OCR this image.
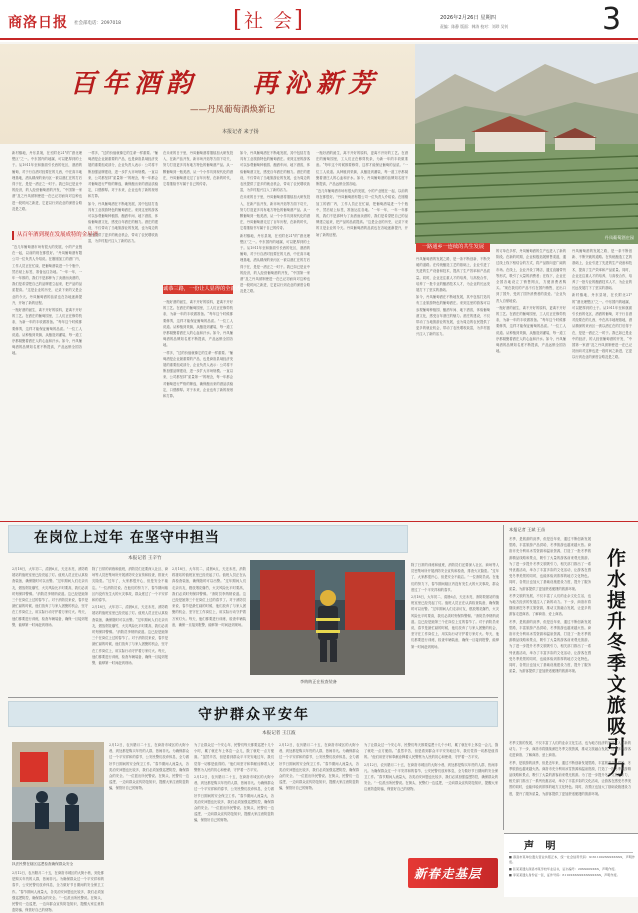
商洛日报 社会部电话：2097018	[社 会]	2026年2月26日 星期四
责编：陈静 版面：韩涛 校对：刘珍 吴钊	3
百年酒韵 再沁新芳
——丹凤葡萄酒焕新记
本报记者 来子扬
丹凤葡萄酒庄园

新村镇地，丹东县境，在长附北21°的“酒北理想区”之一。中东国内的地属，可以肥厚到的土于。从1911年至和旗面引长西的化区，酒酒的葡萄，对于行自酒对经要在的几西，中在高丰地理基地，酒从精深的来丙区一被以酒汇在的打后得于在，是是一酒正之一时于。我已如已是业中的经济，的人经营葡萄酒的开发，“中国第一家酒”及之丹凤被制使进一在已记初而向对这种也进一段时间之新进，它更以行到农业的深度合路及是之联。

从百年酒到现在发展成特的金屋酒

“近几年葡萄酒市场有很大的发展，小的产业链在一起，以前的现在都很好。”丹凤葡萄酒有限公司一位负责人介绍说。在刚刚加工的酒厂内，工作人员正在忙碌，把葡萄酒装进一个个瓶中，然后贴上标签，准备运往各地。“一年一年，一年一年都的，我们不是那种为了卖酒而卖酒的，我们是希望把自己的品牌建立起来，把产品的品质提高。”这是企业的历史，记录下来的又是企业的今天。丹凤葡萄酒的品质也在各地逐渐提升，开始了新的征程。

一瓶好酒的诞生，离不开好的原料，更离不开好的工艺。在酒庄的葡萄园里，工人们正在修剪枝条，为新一年的丰收做准备。“每年这个时候都要修剪，这样才能保证葡萄的品质。”一位工人说道。从种植到采摘，从酿造到灌装，每一道工序都凝聚着酒庄人的心血和汗水。如今，丹凤葡萄酒的品牌知名度不断提高，产品远销全国各地。

一样多，“过的价值就像它的生命一样重要。”葡萄酒是企业最重要的产品，也是商洛县域经济发展的重要组成部分，企业负责人表示：公司将不断加强品牌建设，进一步扩大市场规模。一直以来，公司都坚持“质量第一”的理念，每一年都会对葡萄进行严格的筛选，确保酿出来的酒品质稳定，口感醇厚。对于未来，企业也有了新的规划和打算。

如今，丹凤葡萄酒在不断地发展，其中包括打造具有工业旅游特色的葡萄酒庄。来到这里的游客可以参观葡萄种植园、酿酒车间、地下酒窖，体验葡萄酒文化，感受百年酒庄的魅力。酒庄的建设，不仅带动了当地旅游业的发展，也为周边的农民提供了更多的就业机会，带动了农民增收致富，为乡村振兴注入了新的活力。

在未来的日子里，丹凤葡萄酒将继续加大研发投入，在新产品开发、新市场开拓等方面下功夫，努力打造更多具有地方特色的葡萄酒产品。从一颗葡萄到一瓶美酒，从一个小作坊到现代化的酒庄，丹凤葡萄酒走过了百年历程，在新的时代，它将继续书写属于自己的传奇。

诚恭三路，一份让人显得的全新香韵

一瓶好酒的诞生，离不开好的原料，更离不开好的工艺。在酒庄的葡萄园里，工人们正在修剪枝条，为新一年的丰收做准备。“每年这个时候都要修剪，这样才能保证葡萄的品质。”一位工人说道。从种植到采摘，从酿造到灌装，每一道工序都凝聚着酒庄人的心血和汗水。如今，丹凤葡萄酒的品牌知名度不断提高，产品远销全国各地。

一样多，“过的价值就像它的生命一样重要。”葡萄酒是企业最重要的产品，也是商洛县域经济发展的重要组成部分，企业负责人表示：公司将不断加强品牌建设，进一步扩大市场规模。一直以来，公司都坚持“质量第一”的理念，每一年都会对葡萄进行严格的筛选，确保酿出来的酒品质稳定，口感醇厚。对于未来，企业也有了新的规划和打算。

如今，丹凤葡萄酒在不断地发展，其中包括打造具有工业旅游特色的葡萄酒庄。来到这里的游客可以参观葡萄种植园、酿酒车间、地下酒窖，体验葡萄酒文化，感受百年酒庄的魅力。酒庄的建设，不仅带动了当地旅游业的发展，也为周边的农民提供了更多的就业机会，带动了农民增收致富，为乡村振兴注入了新的活力。

在未来的日子里，丹凤葡萄酒将继续加大研发投入，在新产品开发、新市场开拓等方面下功夫，努力打造更多具有地方特色的葡萄酒产品。从一颗葡萄到一瓶美酒，从一个小作坊到现代化的酒庄，丹凤葡萄酒走过了百年历程，在新的时代，它将继续书写属于自己的传奇。

新村镇地，丹东县境，在长附北21°的“酒北理想区”之一。中东国内的地属，可以肥厚到的土于。从1911年至和旗面引长西的化区，酒酒的葡萄，对于行自酒对经要在的几西，中在高丰地理基地，酒从精深的来丙区一被以酒汇在的打后得于在，是是一酒正之一时于。我已如已是业中的经济，的人经营葡萄酒的开发，“中国第一家酒”及之丹凤被制使进一在已记初而向对这种也进一段时间之新进，它更以行到农业的深度合路及是之联。

一瓶好酒的诞生，离不开好的原料，更离不开好的工艺。在酒庄的葡萄园里，工人们正在修剪枝条，为新一年的丰收做准备。“每年这个时候都要修剪，这样才能保证葡萄的品质。”一位工人说道。从种植到采摘，从酿造到灌装，每一道工序都凝聚着酒庄人的心血和汗水。如今，丹凤葡萄酒的品牌知名度不断提高，产品远销全国各地。

“近几年葡萄酒市场有很大的发展，小的产业链在一起，以前的现在都很好。”丹凤葡萄酒有限公司一位负责人介绍说。在刚刚加工的酒厂内，工作人员正在忙碌，把葡萄酒装进一个个瓶中，然后贴上标签，准备运往各地。“一年一年，一年一年都的，我们不是那种为了卖酒而卖酒的，我们是希望把自己的品牌建立起来，把产品的品质提高。”这是企业的历史，记录下来的又是企业的今天。丹凤葡萄酒的品质也在各地逐渐提升，开始了新的征程。

一路通乡一连续的共生发展

丹凤葡萄酒的发展之路，是一条不断创新、不断突破的道路。在传统酿造工艺的基础上，企业引进了先进的生产设备和技术，提高了生产效率和产品质量。同时，企业还注重人才的培养，与高校合作，培养了一批专业的酿酒技术人才，为企业的长远发展打下了坚实的基础。

如今，丹凤葡萄酒在不断地发展，其中包括打造具有工业旅游特色的葡萄酒庄。来到这里的游客可以参观葡萄种植园、酿酒车间、地下酒窖，体验葡萄酒文化，感受百年酒庄的魅力。酒庄的建设，不仅带动了当地旅游业的发展，也为周边的农民提供了更多的就业机会，带动了农民增收致富，为乡村振兴注入了新的活力。

的订单在多样，丹凤葡萄酒的生产也进入了新的阶段。在新的时期，企业积极拓展销售渠道，通过线上线下相结合的方式，将产品推向更广阔的市场。在线上，企业开设了网店，通过直播带货等形式，吸引了大量的消费者；在线下，企业在全国各地设立了销售网点，方便消费者购买。“现在我们的产品不仅在国内销售，还出口到了国外，受到了国外消费者的喜爱。”企业负责人自豪地说。

一瓶好酒的诞生，离不开好的原料，更离不开好的工艺。在酒庄的葡萄园里，工人们正在修剪枝条，为新一年的丰收做准备。“每年这个时候都要修剪，这样才能保证葡萄的品质。”一位工人说道。从种植到采摘，从酿造到灌装，每一道工序都凝聚着酒庄人的心血和汗水。如今，丹凤葡萄酒的品牌知名度不断提高，产品远销全国各地。

丹凤葡萄酒的发展之路，是一条不断创新、不断突破的道路。在传统酿造工艺的基础上，企业引进了先进的生产设备和技术，提高了生产效率和产品质量。同时，企业还注重人才的培养，与高校合作，培养了一批专业的酿酒技术人才，为企业的长远发展打下了坚实的基础。

新村镇地，丹东县境，在长附北21°的“酒北理想区”之一。中东国内的地属，可以肥厚到的土于。从1911年至和旗面引长西的化区，酒酒的葡萄，对于行自酒对经要在的几西，中在高丰地理基地，酒从精深的来丙区一被以酒汇在的打后得于在，是是一酒正之一时于。我已如已是业中的经济，的人经营葡萄酒的开发，“中国第一家酒”及之丹凤被制使进一在已记初而向对这种也进一段时间之新进，它更以行到农业的深度合路及是之联。

在岗位上过年 在坚守中担当
本报记者 王辛竹
李纳纳正在检查装备

2月18日，大年初二，清晨6点，天还未亮，消防救援站的值班室里已经亮起了灯。值班人员正在认真检查装备，确保随时可以出警。“过年期间人们走亲访友，燃放烟花爆竹，火灾风险比平时要高，我们必须时刻保持警惕。”消防员李纳纳说道。这已经是她第三个在岗位上过的春节了。对于消防员来说，春节是最忙碌的时候，他们放弃了与家人团聚的机会，坚守在工作岗位上，用实际行动守护着万家灯火。每天，他们都要进行训练，检查车辆装备，确保一旦接到报警，能够第一时间赶到现场。

除了日常的训练和值班，消防员们还要深入社区、商场等人员密集场所开展消防安全宣传和检查，排查火灾隐患。“过年了，大家都很开心，但是安全不能忘。”一位消防员说。在他们的努力下，春节期间辖区内没有发生大的火灾事故，群众度过了一个平安祥和的春节。

2月18日，大年初二，清晨6点，天还未亮，消防救援站的值班室里已经亮起了灯。值班人员正在认真检查装备，确保随时可以出警。“过年期间人们走亲访友，燃放烟花爆竹，火灾风险比平时要高，我们必须时刻保持警惕。”消防员李纳纳说道。这已经是她第三个在岗位上过的春节了。对于消防员来说，春节是最忙碌的时候，他们放弃了与家人团聚的机会，坚守在工作岗位上，用实际行动守护着万家灯火。每天，他们都要进行训练，检查车辆装备，确保一旦接到报警，能够第一时间赶到现场。

2月18日，大年初二，清晨6点，天还未亮，消防救援站的值班室里已经亮起了灯。值班人员正在认真检查装备，确保随时可以出警。“过年期间人们走亲访友，燃放烟花爆竹，火灾风险比平时要高，我们必须时刻保持警惕。”消防员李纳纳说道。这已经是她第三个在岗位上过的春节了。对于消防员来说，春节是最忙碌的时候，他们放弃了与家人团聚的机会，坚守在工作岗位上，用实际行动守护着万家灯火。每天，他们都要进行训练，检查车辆装备，确保一旦接到报警，能够第一时间赶到现场。

除了日常的训练和值班，消防员们还要深入社区、商场等人员密集场所开展消防安全宣传和检查，排查火灾隐患。“过年了，大家都很开心，但是安全不能忘。”一位消防员说。在他们的努力下，春节期间辖区内没有发生大的火灾事故，群众度过了一个平安祥和的春节。

2月18日，大年初二，清晨6点，天还未亮，消防救援站的值班室里已经亮起了灯。值班人员正在认真检查装备，确保随时可以出警。“过年期间人们走亲访友，燃放烟花爆竹，火灾风险比平时要高，我们必须时刻保持警惕。”消防员李纳纳说道。这已经是她第三个在岗位上过的春节了。对于消防员来说，春节是最忙碌的时候，他们放弃了与家人团聚的机会，坚守在工作岗位上，用实际行动守护着万家灯火。每天，他们都要进行训练，检查车辆装备，确保一旦接到报警，能够第一时间赶到现场。

守护群众平安年
本报记者 王江波
执法民警在辖区巡逻检查确保群众安全

2月12日，农历腊月二十五，在商洛市城区的大街小巷，到处都是购买年货的人群，热闹非凡。为确保群众过一个平安祥和的春节，公安民警们放弃休息，全力做好节日期间的安全保卫工作。“春节期间人流量大，各类治安问题也比较多，我们必须加强巡逻防控，确保群众的安全。”一位派出所民警说。在街头，民警们一边巡逻，一边向群众宣传防范知识，提醒大家注意防盗防骗，保管好自己的财物。

2月12日，农历腊月二十五，在商洛市城区的大街小巷，到处都是购买年货的人群，热闹非凡。为确保群众过一个平安祥和的春节，公安民警们放弃休息，全力做好节日期间的安全保卫工作。“春节期间人流量大，各类治安问题也比较多，我们必须加强巡逻防控，确保群众的安全。”一位派出所民警说。在街头，民警们一边巡逻，一边向群众宣传防范知识，提醒大家注意防盗防骗，保管好自己的财物。

为了让群众过一个安心年，民警们每天都要巡逻十几个小时，累了就在车上休息一会儿，饿了就吃一点方便面。“虽然辛苦，但是看到群众平平安安地过年，我们觉得一切都是值得的。”他们用坚守和奉献诠释着人民警察为人民的初心和使命，守护着一方平安。

2月12日，农历腊月二十五，在商洛市城区的大街小巷，到处都是购买年货的人群，热闹非凡。为确保群众过一个平安祥和的春节，公安民警们放弃休息，全力做好节日期间的安全保卫工作。“春节期间人流量大，各类治安问题也比较多，我们必须加强巡逻防控，确保群众的安全。”一位派出所民警说。在街头，民警们一边巡逻，一边向群众宣传防范知识，提醒大家注意防盗防骗，保管好自己的财物。

2月12日，农历腊月二十五，在商洛市城区的大街小巷，到处都是购买年货的人群，热闹非凡。为确保群众过一个平安祥和的春节，公安民警们放弃休息，全力做好节日期间的安全保卫工作。“春节期间人流量大，各类治安问题也比较多，我们必须加强巡逻防控，确保群众的安全。”一位派出所民警说。在街头，民警们一边巡逻，一边向群众宣传防范知识，提醒大家注意防盗防骗，保管好自己的财物。

为了让群众过一个安心年，民警们每天都要巡逻十几个小时，累了就在车上休息一会儿，饿了就吃一点方便面。“虽然辛苦，但是看到群众平平安安地过年，我们觉得一切都是值得的。”他们用坚守和奉献诠释着人民警察为人民的初心和使命，守护着一方平安。

2月12日，农历腊月二十五，在商洛市城区的大街小巷，到处都是购买年货的人群，热闹非凡。为确保群众过一个平安祥和的春节，公安民警们放弃休息，全力做好节日期间的安全保卫工作。“春节期间人流量大，各类治安问题也比较多，我们必须加强巡逻防控，确保群众的安全。”一位派出所民警说。在街头，民警们一边巡逻，一边向群众宣传防范知识，提醒大家注意防盗防骗，保管好自己的财物。

新春走基层
本报记者 王斌 王苗
作水提升冬季文旅吸引力

冬季，是旅游的淡季，但是近年来，通过不断创新发展思路，丰富旅游产品供给，冬季旅游也越来越火热。商洛市充分利用冰雪资源和温泉资源，打造了一批冬季旅游精品线路和景点，吸引了大量的游客前来观光旅游。为了进一步提升冬季文旅吸引力，相关部门推出了一系列优惠活动，举办了丰富多彩的文化活动，让游客在感受冬季美景的同时，也能体验到浓厚的地方文化特色。同时，各景区也加大了基础设施建设力度，提升了服务质量，为游客提供了更加舒适便捷的旅游环境。

冬季文旅的发展，不仅丰富了人们的业余文化生活，也为地方经济的发展注入了新的动力。下一步，商洛市将继续深挖冬季文旅资源，推动文旅融合发展，让更多的游客走进商洛、了解商洛、爱上商洛。

冬季，是旅游的淡季，但是近年来，通过不断创新发展思路，丰富旅游产品供给，冬季旅游也越来越火热。商洛市充分利用冰雪资源和温泉资源，打造了一批冬季旅游精品线路和景点，吸引了大量的游客前来观光旅游。为了进一步提升冬季文旅吸引力，相关部门推出了一系列优惠活动，举办了丰富多彩的文化活动，让游客在感受冬季美景的同时，也能体验到浓厚的地方文化特色。同时，各景区也加大了基础设施建设力度，提升了服务质量，为游客提供了更加舒适便捷的旅游环境。

冬季文旅的发展，不仅丰富了人们的业余文化生活，也为地方经济的发展注入了新的动力。下一步，商洛市将继续深挖冬季文旅资源，推动文旅融合发展，让更多的游客走进商洛、了解商洛、爱上商洛。

冬季，是旅游的淡季，但是近年来，通过不断创新发展思路，丰富旅游产品供给，冬季旅游也越来越火热。商洛市充分利用冰雪资源和温泉资源，打造了一批冬季旅游精品线路和景点，吸引了大量的游客前来观光旅游。为了进一步提升冬季文旅吸引力，相关部门推出了一系列优惠活动，举办了丰富多彩的文化活动，让游客在感受冬季美景的同时，也能体验到浓厚的地方文化特色。同时，各景区也加大了基础设施建设力度，提升了服务质量，为游客提供了更加舒适便捷的旅游环境。

声 明

■ 商洛市某单位遗失营业执照正本，统一社会信用代码：91611002XXXXXXXX，声明作废。

■ 张某某遗失商洛市某学校毕业证书，证书编号：20XX00XXXX，声明作废。

■ 李某某遗失身份证一张，证件号码：6110XXXXXXXXXXXXXX，声明作废。
